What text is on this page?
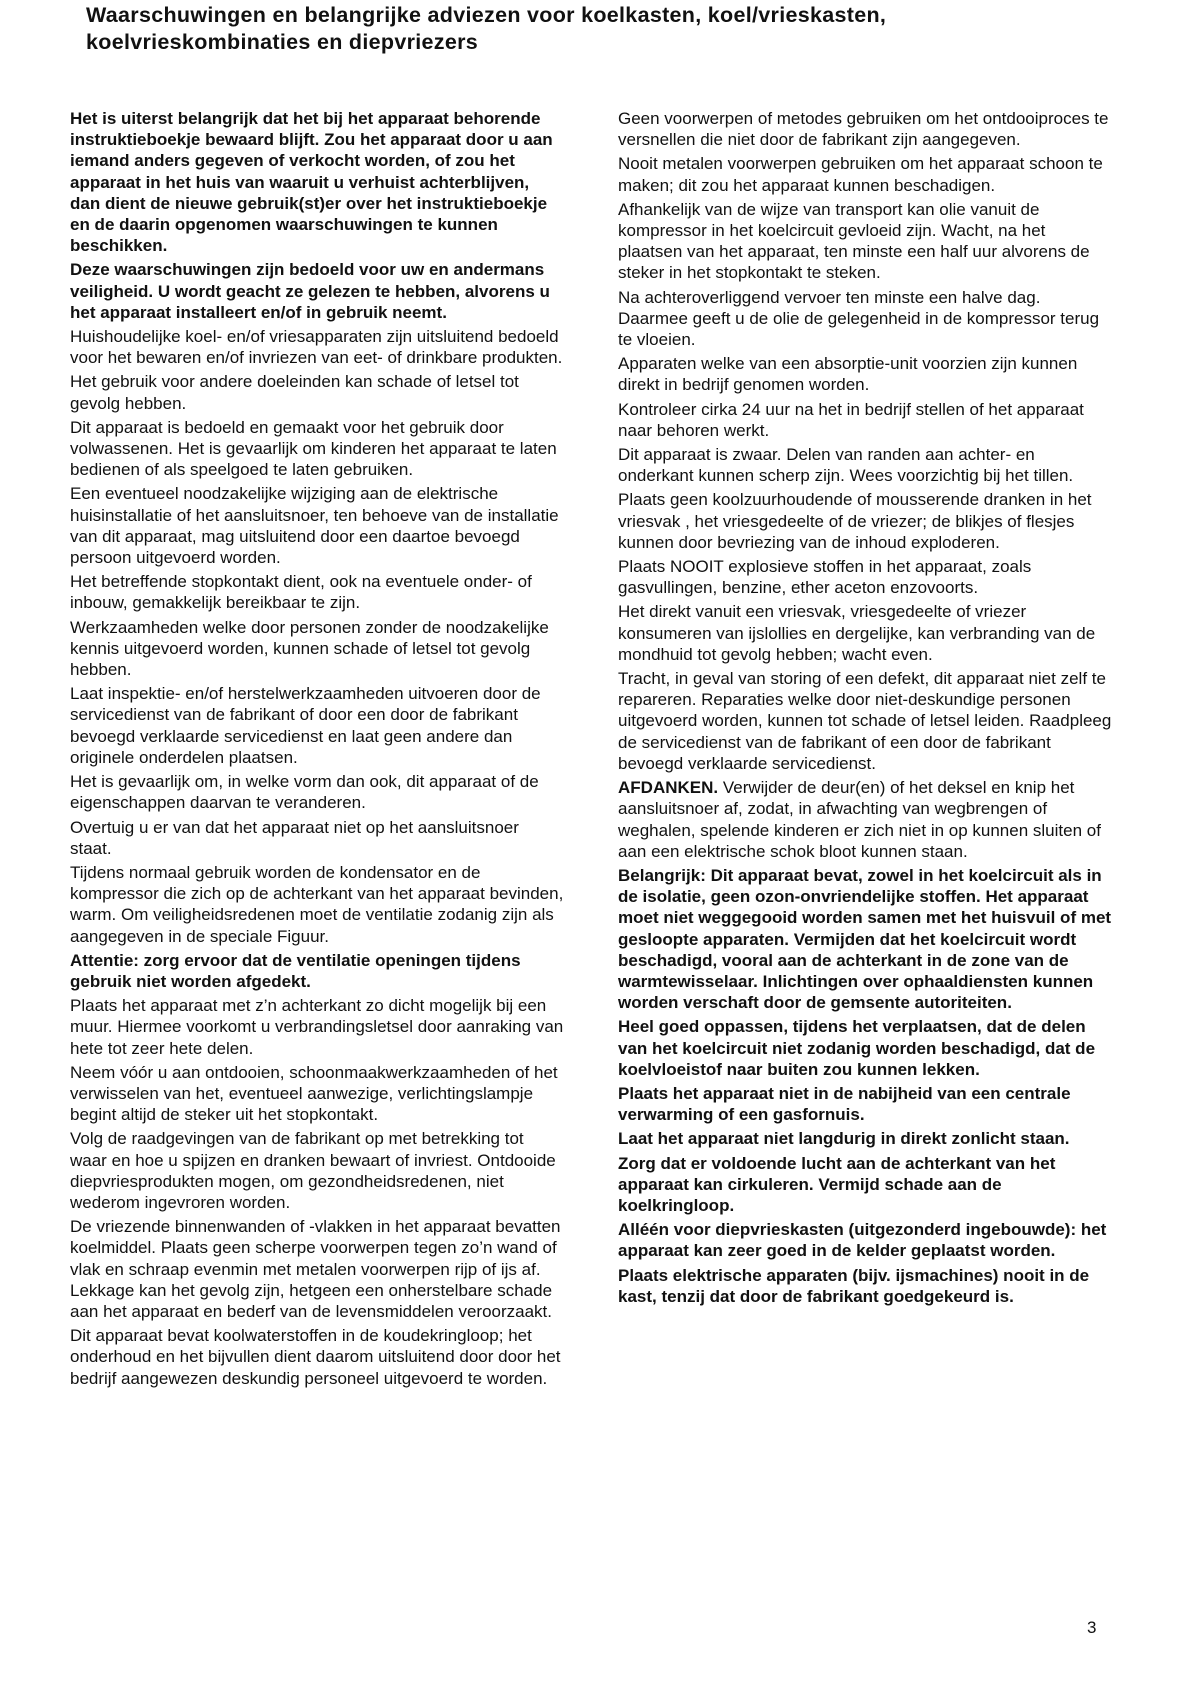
Waarschuwingen en belangrijke adviezen voor koelkasten, koel/vrieskasten, koelvrieskombinaties en diepvriezers

Het is uiterst belangrijk dat het bij het apparaat behorende instruktieboekje bewaard blijft. Zou het apparaat door u aan iemand anders gegeven of verkocht worden, of zou het apparaat in het huis van waaruit u verhuist achterblijven, dan dient de nieuwe gebruik(st)er over het instruktieboekje en de daarin opgenomen waarschuwingen te kunnen beschikken.

Deze waarschuwingen zijn bedoeld voor uw en andermans veiligheid. U wordt geacht ze gelezen te hebben, alvorens u het apparaat installeert en/of in gebruik neemt.

Huishoudelijke koel- en/of vriesapparaten zijn uitsluitend bedoeld voor het bewaren en/of invriezen van eet- of drinkbare produkten.

Het gebruik voor andere doeleinden kan schade of letsel tot gevolg hebben.

Dit apparaat is bedoeld en gemaakt voor het gebruik door volwassenen. Het is gevaarlijk om kinderen het apparaat te laten bedienen of als speelgoed te laten gebruiken.

Een eventueel noodzakelijke wijziging aan de elektrische huisinstallatie of het aansluitsnoer, ten behoeve van de installatie van dit apparaat, mag uitsluitend door een daartoe bevoegd persoon uitgevoerd worden.

Het betreffende stopkontakt dient, ook na eventuele onder- of inbouw, gemakkelijk bereikbaar te zijn.

Werkzaamheden welke door personen zonder de noodzakelijke kennis uitgevoerd worden, kunnen schade of letsel tot gevolg hebben.

Laat inspektie- en/of herstelwerkzaamheden uitvoeren door de servicedienst van de fabrikant of door een door de fabrikant bevoegd verklaarde servicedienst en laat geen andere dan originele onderdelen plaatsen.

Het is gevaarlijk om, in welke vorm dan ook, dit apparaat of de eigenschappen daarvan te veranderen.

Overtuig u er van dat het apparaat niet op het aansluitsnoer staat.

Tijdens normaal gebruik worden de kondensator en de kompressor die zich op de achterkant van het apparaat bevinden, warm. Om veiligheidsredenen moet de ventilatie zodanig zijn als aangegeven in de speciale Figuur.

Attentie: zorg ervoor dat de ventilatie openingen tijdens gebruik niet worden afgedekt.

Plaats het apparaat met z’n achterkant zo dicht mogelijk bij een muur. Hiermee voorkomt u verbrandingsletsel door aanraking van hete tot zeer hete delen.

Neem vóór u aan ontdooien, schoonmaakwerkzaamheden of het verwisselen van het, eventueel aanwezige, verlichtingslampje begint altijd de steker uit het stopkontakt.

Volg de raadgevingen van de fabrikant op met betrekking tot waar en hoe u spijzen en dranken bewaart of invriest. Ontdooide diepvriesprodukten mogen, om gezondheidsredenen, niet wederom ingevroren worden.

De vriezende binnenwanden of -vlakken in het apparaat bevatten koelmiddel. Plaats geen scherpe voorwerpen tegen zo’n wand of vlak en schraap evenmin met metalen voorwerpen rijp of ijs af. Lekkage kan het gevolg zijn, hetgeen een onherstelbare schade aan het apparaat en bederf van de levensmiddelen veroorzaakt.

Dit apparaat bevat koolwaterstoffen in de koudekringloop; het onderhoud en het bijvullen dient daarom uitsluitend door door het bedrijf aangewezen deskundig personeel uitgevoerd te worden.

Geen voorwerpen of metodes gebruiken om het ontdooiproces te versnellen die niet door de fabrikant zijn aangegeven.

Nooit metalen voorwerpen gebruiken om het apparaat schoon te maken; dit zou het apparaat kunnen beschadigen.

Afhankelijk van de wijze van transport kan olie vanuit de kompressor in het koelcircuit gevloeid zijn. Wacht, na het plaatsen van het apparaat, ten minste een half uur alvorens de steker in het stopkontakt te steken.

Na achteroverliggend vervoer ten minste een halve dag. Daarmee geeft u de olie de gelegenheid in de kompressor terug te vloeien.

Apparaten welke van een absorptie-unit voorzien zijn kunnen direkt in bedrijf genomen worden.

Kontroleer cirka 24 uur na het in bedrijf stellen of het apparaat naar behoren werkt.

Dit apparaat is zwaar. Delen van randen aan achter- en onderkant kunnen scherp zijn. Wees voorzichtig bij het tillen.

Plaats geen koolzuurhoudende of mousserende dranken in het vriesvak , het vriesgedeelte of de vriezer; de blikjes of flesjes kunnen door bevriezing van de inhoud exploderen.

Plaats NOOIT explosieve stoffen in het apparaat, zoals gasvullingen, benzine, ether aceton enzovoorts.

Het direkt vanuit een vriesvak, vriesgedeelte of vriezer konsumeren van ijslollies en dergelijke, kan verbranding van de mondhuid tot gevolg hebben; wacht even.

Tracht, in geval van storing of een defekt, dit apparaat niet zelf te repareren. Reparaties welke door niet-deskundige personen uitgevoerd worden, kunnen tot schade of letsel leiden. Raadpleeg de servicedienst van de fabrikant of een door de fabrikant bevoegd verklaarde servicedienst.

AFDANKEN. Verwijder de deur(en) of het deksel en knip het aansluitsnoer af, zodat, in afwachting van wegbrengen of weghalen, spelende kinderen er zich niet in op kunnen sluiten of aan een elektrische schok bloot kunnen staan.

Belangrijk: Dit apparaat bevat, zowel in het koelcircuit als in de isolatie, geen ozon-onvriendelijke stoffen. Het apparaat moet niet weggegooid worden samen met het huisvuil of met gesloopte apparaten. Vermijden dat het koelcircuit wordt beschadigd, vooral aan de achterkant in de zone van de warmtewisselaar. Inlichtingen over ophaaldiensten kunnen worden verschaft door de gemsente autoriteiten.

Heel goed oppassen, tijdens het verplaatsen, dat de delen van het koelcircuit niet zodanig worden beschadigd, dat de koelvloeistof naar buiten zou kunnen lekken.

Plaats het apparaat niet in de nabijheid van een centrale verwarming of een gasfornuis.

Laat het apparaat niet langdurig in direkt zonlicht staan.

Zorg dat er voldoende lucht aan de achterkant van het apparaat kan cirkuleren. Vermijd schade aan de koelkringloop.

Alléén voor diepvrieskasten (uitgezonderd ingebouwde): het apparaat kan zeer goed in de kelder geplaatst worden.

Plaats elektrische apparaten (bijv. ijsmachines) nooit in de kast, tenzij dat door de fabrikant goedgekeurd is.

3
